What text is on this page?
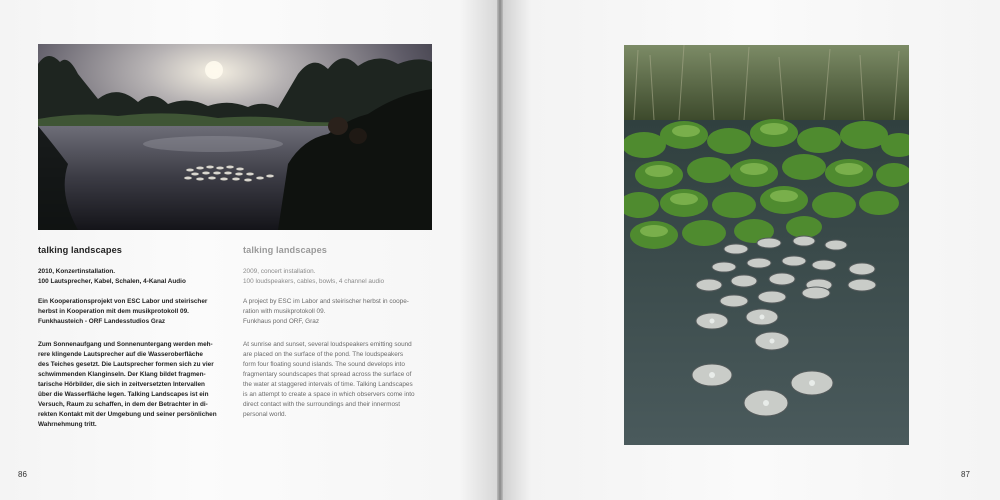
talking landscapes
2010, Konzertinstallation.
100 Lautsprecher, Kabel, Schalen, 4-Kanal Audio
Ein Kooperationsprojekt von ESC Labor und steirischer
herbst in Kooperation mit dem musikprotokoll 09.
Funkhausteich - ORF Landesstudios Graz
Zum Sonnenaufgang und Sonnenuntergang werden meh-
rere klingende Lautsprecher auf die Wasseroberfläche
des Teiches gesetzt. Die Lautsprecher formen sich zu vier
schwimmenden Klanginseln. Der Klang bildet fragmen-
tarische Hörbilder, die sich in zeitversetzten Intervallen
über die Wasserfläche legen. Talking Landscapes ist ein
Versuch, Raum zu schaffen, in dem der Betrachter in di-
rekten Kontakt mit der Umgebung und seiner persönlichen
Wahrnehmung tritt.
talking landscapes
2009, concert installation.
100 loudspeakers, cables, bowls, 4 channel audio
A project by ESC im Labor and steirischer herbst in coope-
ration with musikprotokoll 09.
Funkhaus pond ORF, Graz
At sunrise and sunset, several loudspeakers emitting sound
are placed on the surface of the pond. The loudspeakers
form four floating sound islands. The sound develops into
fragmentary soundscapes that spread across the surface of
the water at staggered intervals of time. Talking Landscapes
is an attempt to create a space in which observers come into
direct contact with the surroundings and their innermost
personal world.
86	87
